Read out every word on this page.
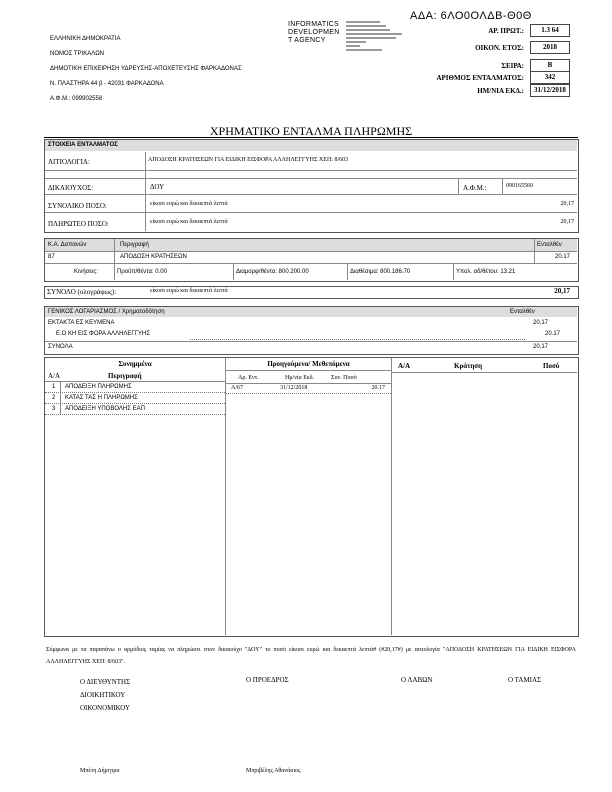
ΑΔΑ: 6ΛΟ0ΟΛΔΒ-Θ0Θ
ΕΛΛΗΝΙΚΗ ΔΗΜΟΚΡΑΤΙΑ
ΝΟΜΟΣ ΤΡΙΚΑΛΩΝ
ΔΗΜΟΤΙΚΗ ΕΠΙΧΕΙΡΗΣΗ ΥΔΡΕΥΣΗΣ-ΑΠΟΧΕΤΕΥΣΗΣ ΦΑΡΚΑΔΟΝΑΣ
Ν. ΠΛΑΣΤΗΡΑ 44 β - 42031 ΦΑΡΚΑΔΟΝΑ
Α.Φ.Μ.: 099902558
INFORMATICS
DEVELOPMEN
T AGENCY
ΑΡ. ΠΡΩΤ.:	1.3 64
ΟΙΚΟΝ. ΕΤΟΣ:	2018
ΣΕΙΡΑ:	Β
ΑΡΙΘΜΟΣ ΕΝΤΑΛΜΑΤΟΣ:	342
ΗΜ/ΝΙΑ ΕΚΔ.:	31/12/2018
ΧΡΗΜΑΤΙΚΟ ΕΝΤΑΛΜΑ ΠΛΗΡΩΜΗΣ
ΣΤΟΙΧΕΙΑ ΕΝΤΑΛΜΑΤΟΣ
ΑΙΤΙΟΛΟΓΙΑ:	ΑΠΟΔΟΣΗ ΚΡΑΤΗΣΕΩΝ ΓΙΑ ΕΙΔΙΚΗ ΕΙΣΦΟΡΑ ΑΛΛΗΛΕΓΓΥΗΣ ΧΕΠ: 8/603
ΔΙΚΑΙΟΥΧΟΣ:	ΔΟΥ	Α.Φ.Μ.:	090165560
ΣΥΝΟΛΙΚΟ ΠΟΣΟ:	είκοσι ευρώ και δεκαεπτά λεπτά	20,17
ΠΛΗΡΩΤΕΟ ΠΟΣΟ:	είκοσι ευρώ και δεκαεπτά λεπτά	20,17
Κ.Α. Δαπανών	Περιγραφή	Ενταλθέν
87	ΑΠΟΔΟΣΗ ΚΡΑΤΗΣΕΩΝ	20.17
Κινήσεις:	Προϋπ/θέντα: 0.00	Διαμορφ/θέντα: 800.200.00	Διαθέσιμα: 800.186.70	Υπολ. αδ/θέτου: 13.21
ΣΥΝΟΛΟ (ολογράφως):	είκοσι ευρώ και δεκαεπτά λεπτά	20,17
ΓΕΝΙΚΟΣ ΛΟΓΑΡΙΑΣΜΟΣ / Χρηματοδότηση	Ενταλθέν
ΕΚΤΑΚΤΑ ΕΣ ΚΕΥΜΕΝΑ	20.17
Ε.Ο ΚΗ ΕΙΣ ΦΟΡΑ ΑΛΛΗΛΕΓΓΥΗΣ	20.17
ΣΥΝΟΛΑ	20.17
Συνημμένα
Α/Α	Περιγραφή
1 ΑΠΟΔΕΙΞΗ ΠΛΗΡΩΜΗΣ
2 ΚΑΤΑΣ ΤΑΣ Η ΠΛΗΡΩΜΗΣ
3 ΑΠΟΔΕΙΞΗ ΥΠΟΒΟΛΗΣ ΕΑΠ
Προηγούμενα/ Μεθεπόμενα
Αρ. Εντ.	Ημ/νία Εκδ.	Συν. Ποσό
Α/67	31/12/2018	20.17
Α/Α	Κράτηση	Ποσό
Σύμφωνα με τα παραπάνω ο αρμόδιος ταμίας να πληρώσει στον δικαιούχο "ΔΟΥ" το ποσό είκοσι ευρώ και δεκαεπτά λεπτά# (#20,17#) με αιτιολογία "ΑΠΟΔΟΣΗ ΚΡΑΤΗΣΕΩΝ ΓΙΑ ΕΙΔΙΚΗ ΕΙΣΦΟΡΑ ΑΛΛΗΛΕΓΓΥΗΣ ΧΕΠ: 8/603".
Ο ΔΙΕΥΘΥΝΤΗΣ
ΔΙΟΙΚΗΤΙΚΟΥ
ΟΙΚΟΝΟΜΙΚΟΥ
Ο ΠΡΟΕΔΡΟΣ	Ο ΛΑΒΩΝ	Ο ΤΑΜΙΑΣ
Μπέτη Δήμητρα	Μπριβέλης Αθανάσιος
